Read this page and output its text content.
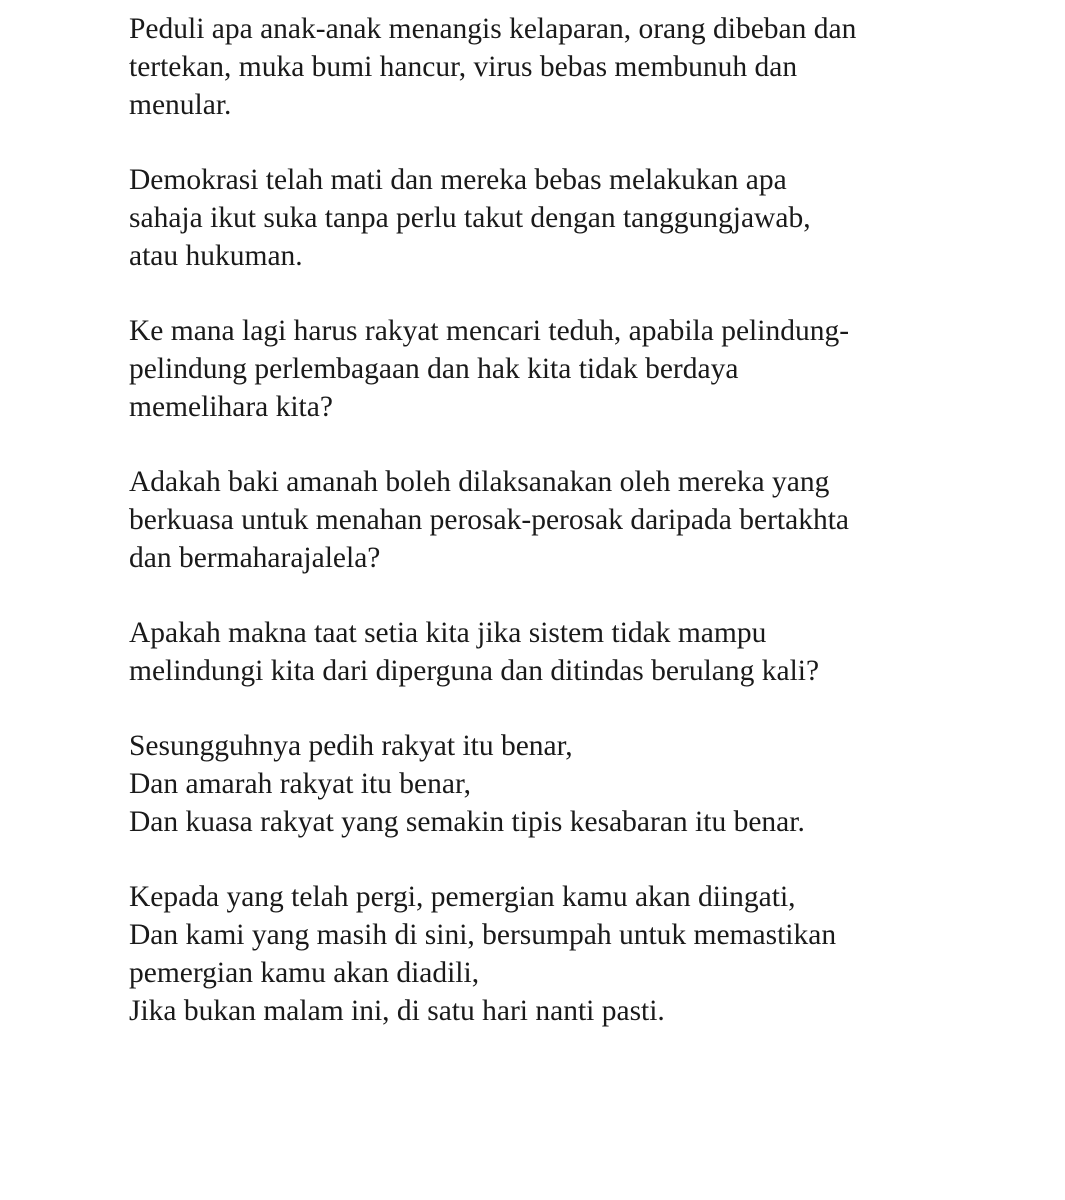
Peduli apa anak-anak menangis kelaparan, orang dibeban dan
tertekan, muka bumi hancur, virus bebas membunuh dan
menular.
Demokrasi telah mati dan mereka bebas melakukan apa
sahaja ikut suka tanpa perlu takut dengan tanggungjawab,
atau hukuman.
Ke mana lagi harus rakyat mencari teduh, apabila pelindung-
pelindung perlembagaan dan hak kita tidak berdaya
memelihara kita?
Adakah baki amanah boleh dilaksanakan oleh mereka yang
berkuasa untuk menahan perosak-perosak daripada bertakhta
dan bermaharajalela?
Apakah makna taat setia kita jika sistem tidak mampu
melindungi kita dari diperguna dan ditindas berulang kali?
Sesungguhnya pedih rakyat itu benar,
Dan amarah rakyat itu benar,
Dan kuasa rakyat yang semakin tipis kesabaran itu benar.
Kepada yang telah pergi, pemergian kamu akan diingati,
Dan kami yang masih di sini, bersumpah untuk memastikan
pemergian kamu akan diadili,
Jika bukan malam ini, di satu hari nanti pasti.
